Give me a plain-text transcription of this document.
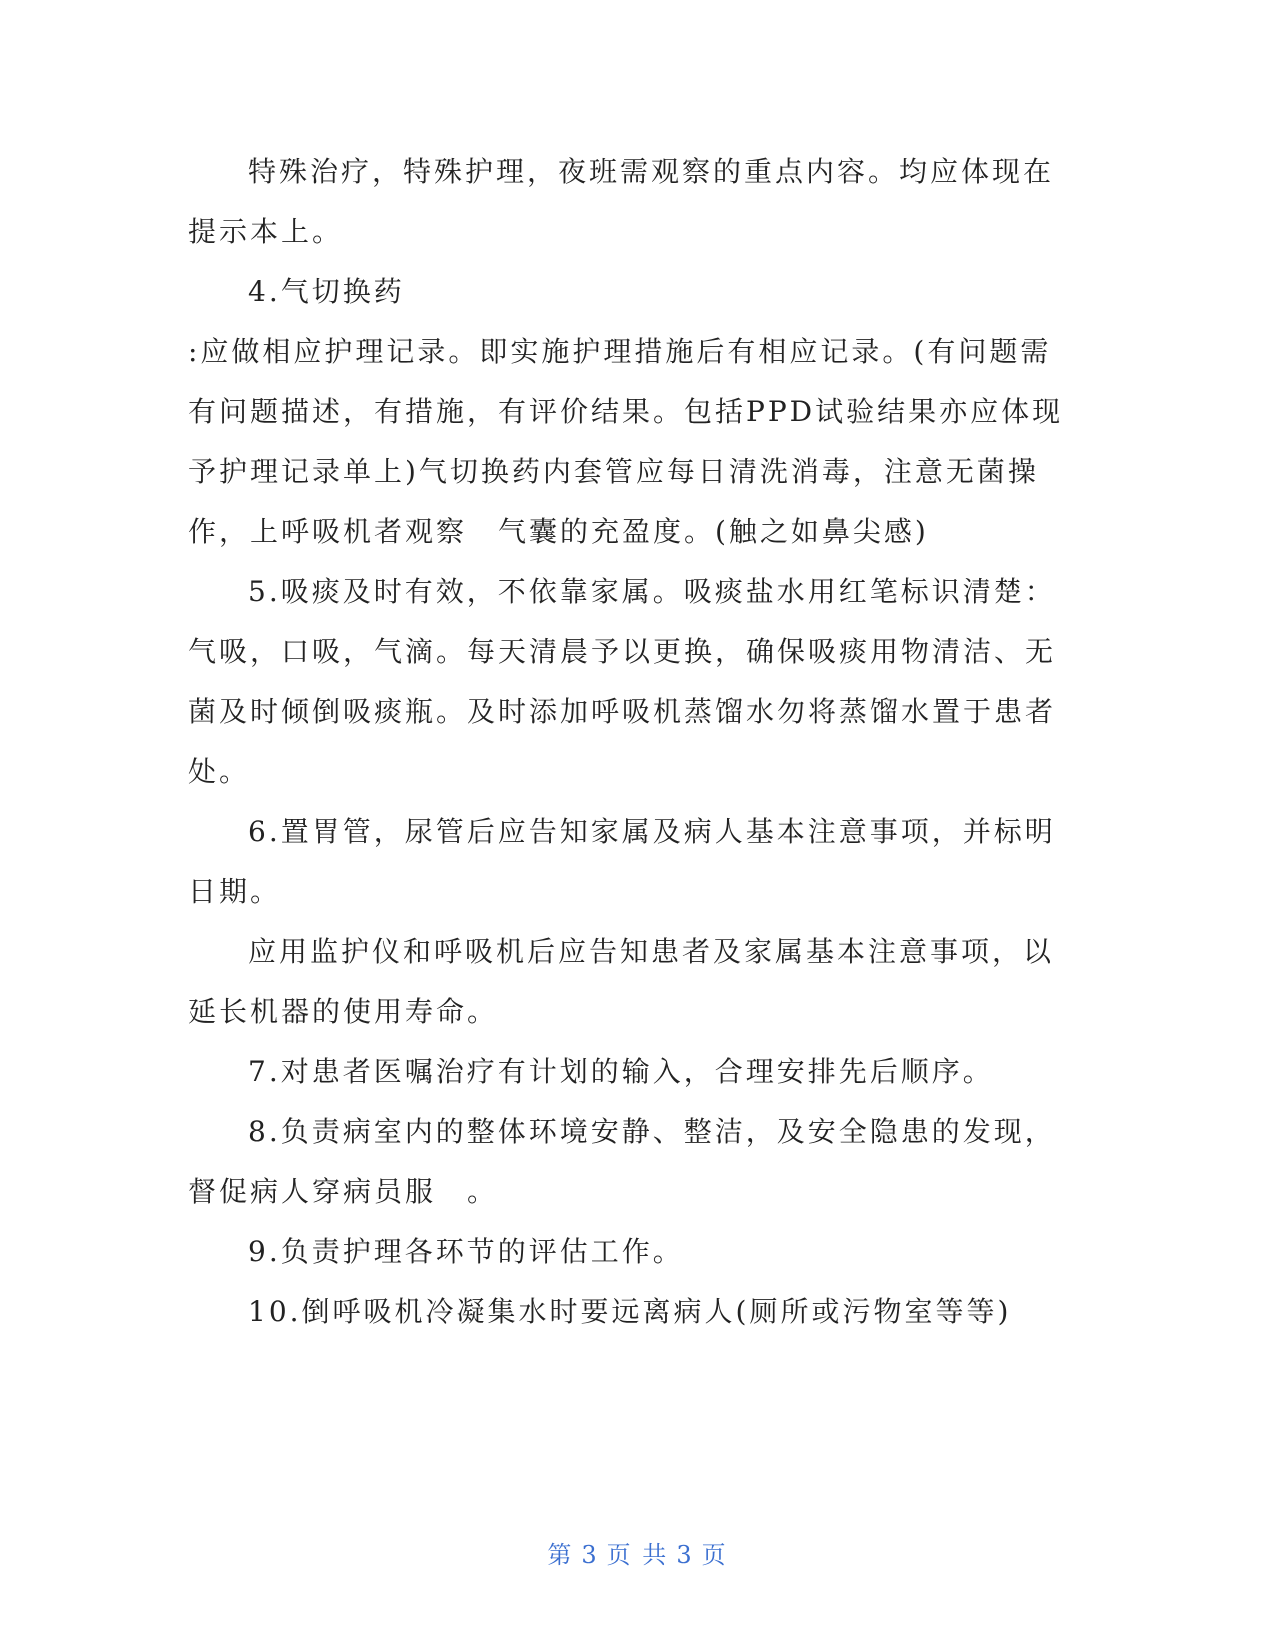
特殊治疗，特殊护理，夜班需观察的重点内容。均应体现在提示本上。

4.气切换药

:应做相应护理记录。即实施护理措施后有相应记录。(有问题需有问题描述，有措施，有评价结果。包括PPD试验结果亦应体现予护理记录单上)气切换药内套管应每日清洗消毒，注意无菌操作，上呼吸机者观察　气囊的充盈度。(触之如鼻尖感)

5.吸痰及时有效，不依靠家属。吸痰盐水用红笔标识清楚：气吸，口吸，气滴。每天清晨予以更换，确保吸痰用物清洁、无菌及时倾倒吸痰瓶。及时添加呼吸机蒸馏水勿将蒸馏水置于患者处。

6.置胃管，尿管后应告知家属及病人基本注意事项，并标明日期。

应用监护仪和呼吸机后应告知患者及家属基本注意事项，以延长机器的使用寿命。

7.对患者医嘱治疗有计划的输入，合理安排先后顺序。

8.负责病室内的整体环境安静、整洁，及安全隐患的发现，督促病人穿病员服　。

9.负责护理各环节的评估工作。

10.倒呼吸机冷凝集水时要远离病人(厕所或污物室等等)

第 3 页 共 3 页
